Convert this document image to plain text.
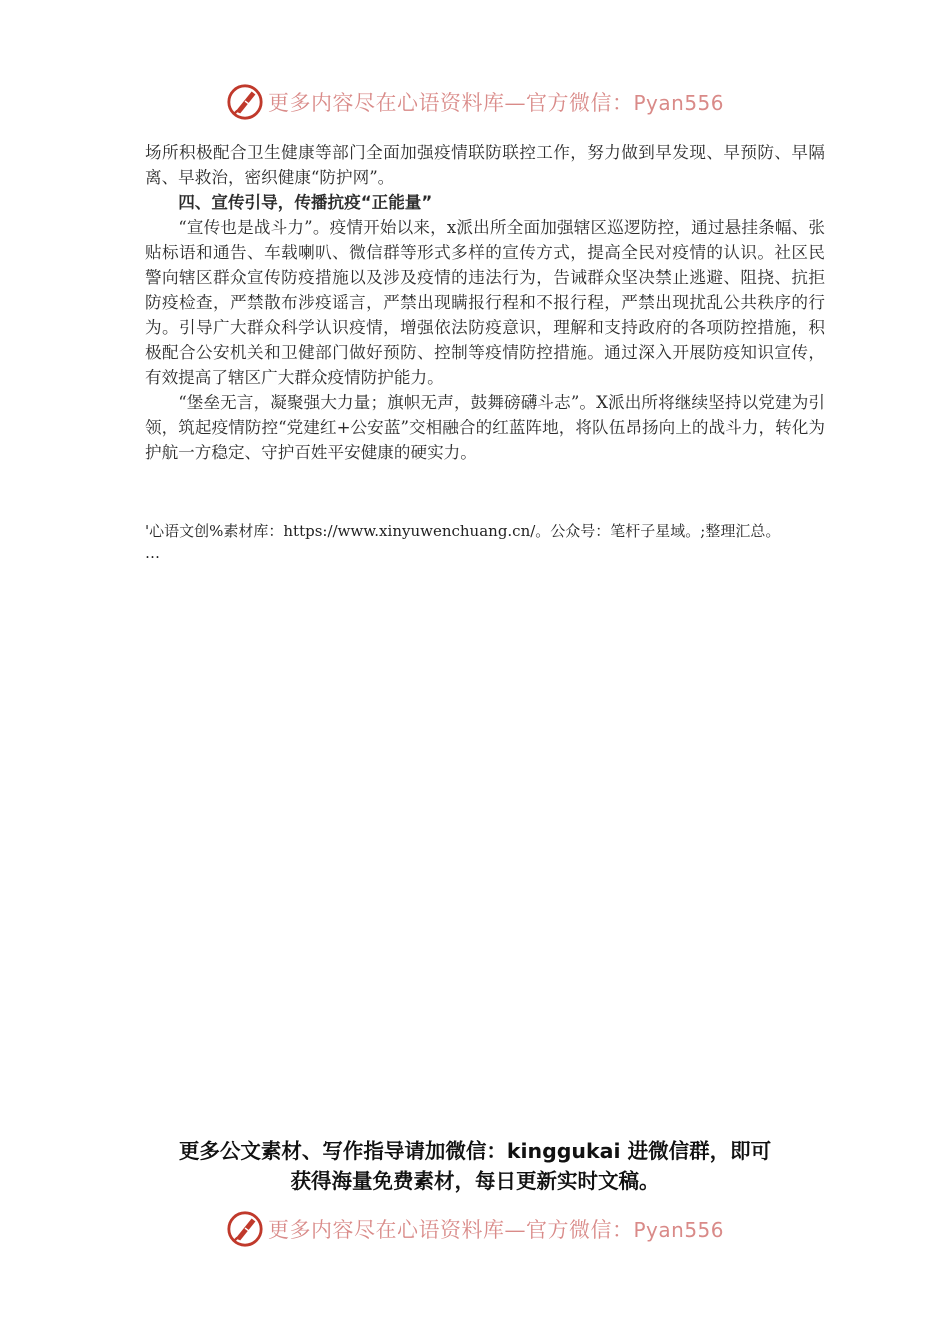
更多内容尽在心语资料库—官方微信：Pyan556

场所积极配合卫生健康等部门全面加强疫情联防联控工作，努力做到早发现、早预防、早隔离、早救治，密织健康“防护网”。

四、宣传引导，传播抗疫“正能量”

“宣传也是战斗力”。疫情开始以来，x派出所全面加强辖区巡逻防控，通过悬挂条幅、张贴标语和通告、车载喇叭、微信群等形式多样的宣传方式，提高全民对疫情的认识。社区民警向辖区群众宣传防疫措施以及涉及疫情的违法行为，告诫群众坚决禁止逃避、阻挠、抗拒防疫检查，严禁散布涉疫谣言，严禁出现瞒报行程和不报行程，严禁出现扰乱公共秩序的行为。引导广大群众科学认识疫情，增强依法防疫意识，理解和支持政府的各项防控措施，积极配合公安机关和卫健部门做好预防、控制等疫情防控措施。通过深入开展防疫知识宣传，有效提高了辖区广大群众疫情防护能力。

“堡垒无言，凝聚强大力量；旗帜无声，鼓舞磅礴斗志”。X派出所将继续坚持以党建为引领，筑起疫情防控“党建红+公安蓝”交相融合的红蓝阵地，将队伍昂扬向上的战斗力，转化为护航一方稳定、守护百姓平安健康的硬实力。

'心语文创%素材库：https://www.xinyuwenchuang.cn/。公众号：笔杆子星域。;整理汇总。

…

更多公文素材、写作指导请加微信：kinggukai 进微信群，即可

获得海量免费素材，每日更新实时文稿。

更多内容尽在心语资料库—官方微信：Pyan556
